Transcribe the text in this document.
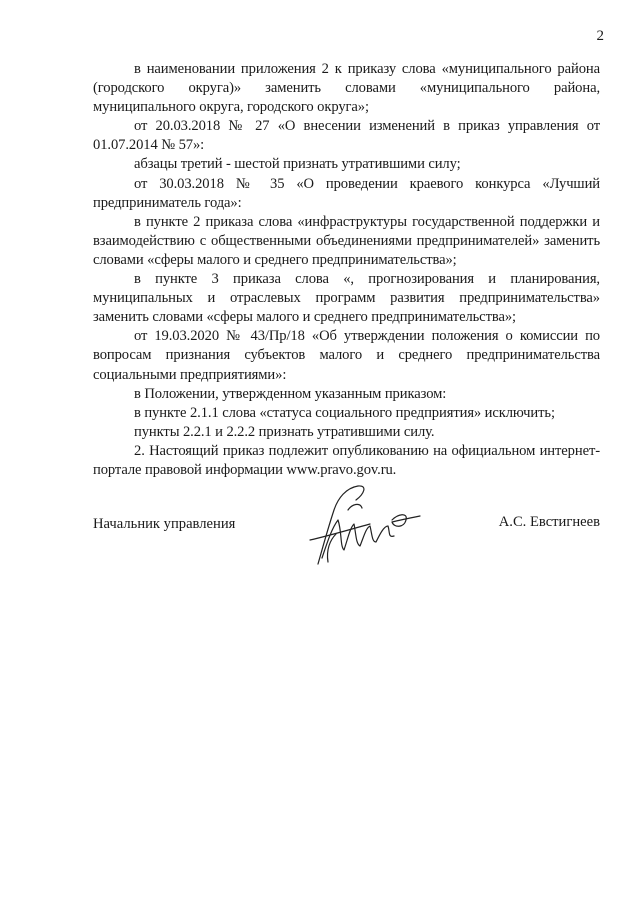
2

в наименовании приложения 2 к приказу слова «муниципального района (городского округа)» заменить словами «муниципального района, муниципального округа, городского округа»;

от 20.03.2018 № 27 «О внесении изменений в приказ управления от 01.07.2014 № 57»:

абзацы третий - шестой признать утратившими силу;

от 30.03.2018 № 35 «О проведении краевого конкурса «Лучший предприниматель года»:

в пункте 2 приказа слова «инфраструктуры государственной поддержки и взаимодействию с общественными объединениями предпринимателей» заменить словами «сферы малого и среднего предпринимательства»;

в пункте 3 приказа слова «, прогнозирования и планирования, муниципальных и отраслевых программ развития предпринимательства» заменить словами «сферы малого и среднего предпринимательства»;

от 19.03.2020 № 43/Пр/18 «Об утверждении положения о комиссии по вопросам признания субъектов малого и среднего предпринимательства социальными предприятиями»:

в Положении, утвержденном указанным приказом:

в пункте 2.1.1 слова «статуса социального предприятия» исключить;

пункты 2.2.1 и 2.2.2 признать утратившими силу.

2. Настоящий приказ подлежит опубликованию на официальном интернет-портале правовой информации www.pravo.gov.ru.

Начальник управления	А.С. Евстигнеев
